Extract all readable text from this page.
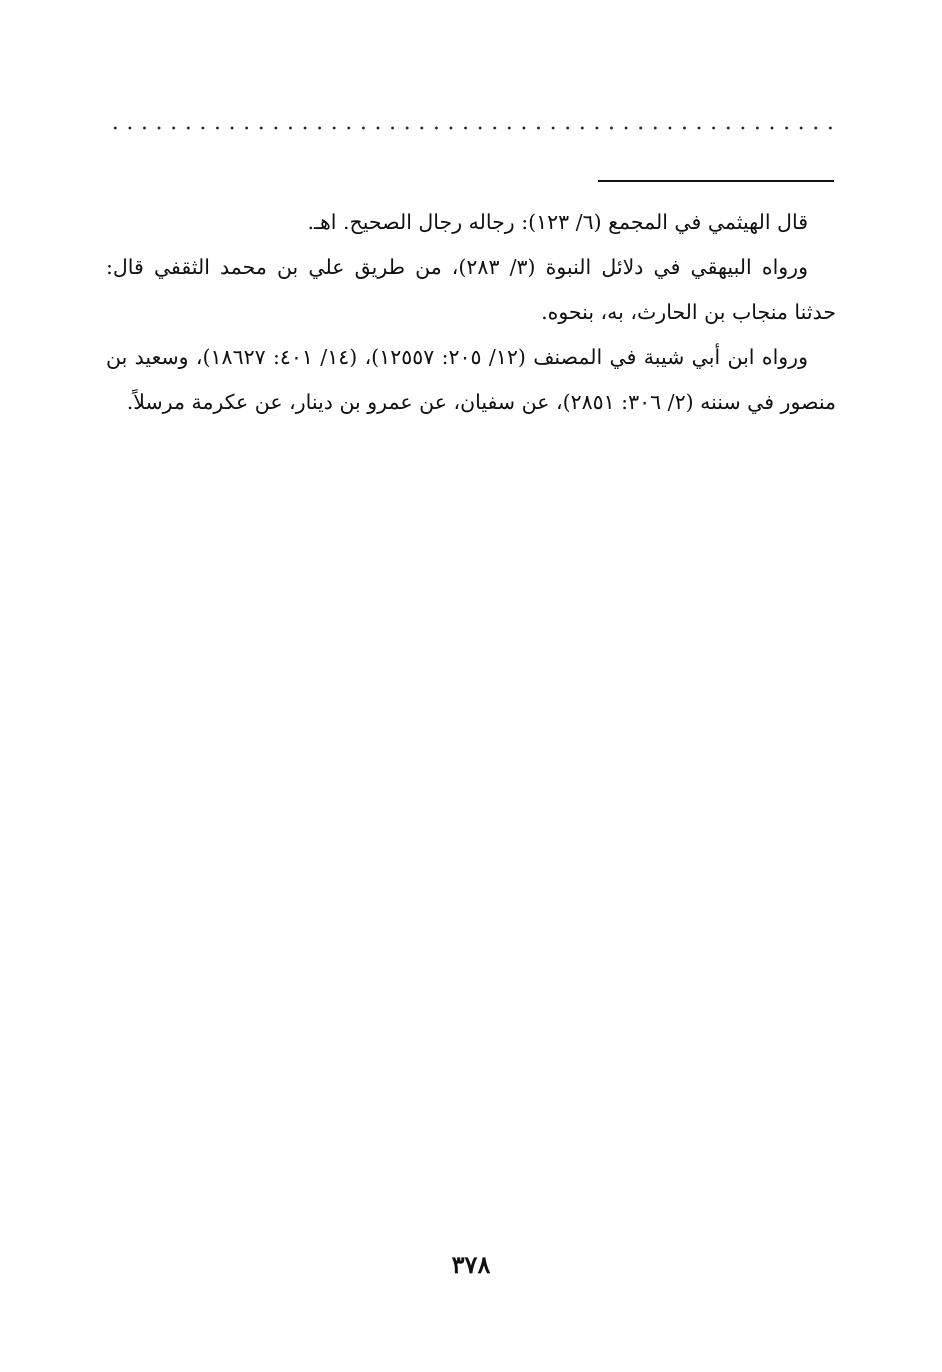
قال الهيثمي في المجمع (٦/ ١٢٣): رجاله رجال الصحيح. اهـ.

ورواه البيهقي في دلائل النبوة (٣/ ٢٨٣)، من طريق علي بن محمد الثقفي قال: حدثنا منجاب بن الحارث، به، بنحوه.

ورواه ابن أبي شيبة في المصنف (١٢/ ٢٠٥: ١٢٥٥٧)، (١٤/ ٤٠١: ١٨٦٢٧)، وسعيد بن منصور في سننه (٢/ ٣٠٦: ٢٨٥١)، عن سفيان، عن عمرو بن دينار، عن عكرمة مرسلاً.

٣٧٨
